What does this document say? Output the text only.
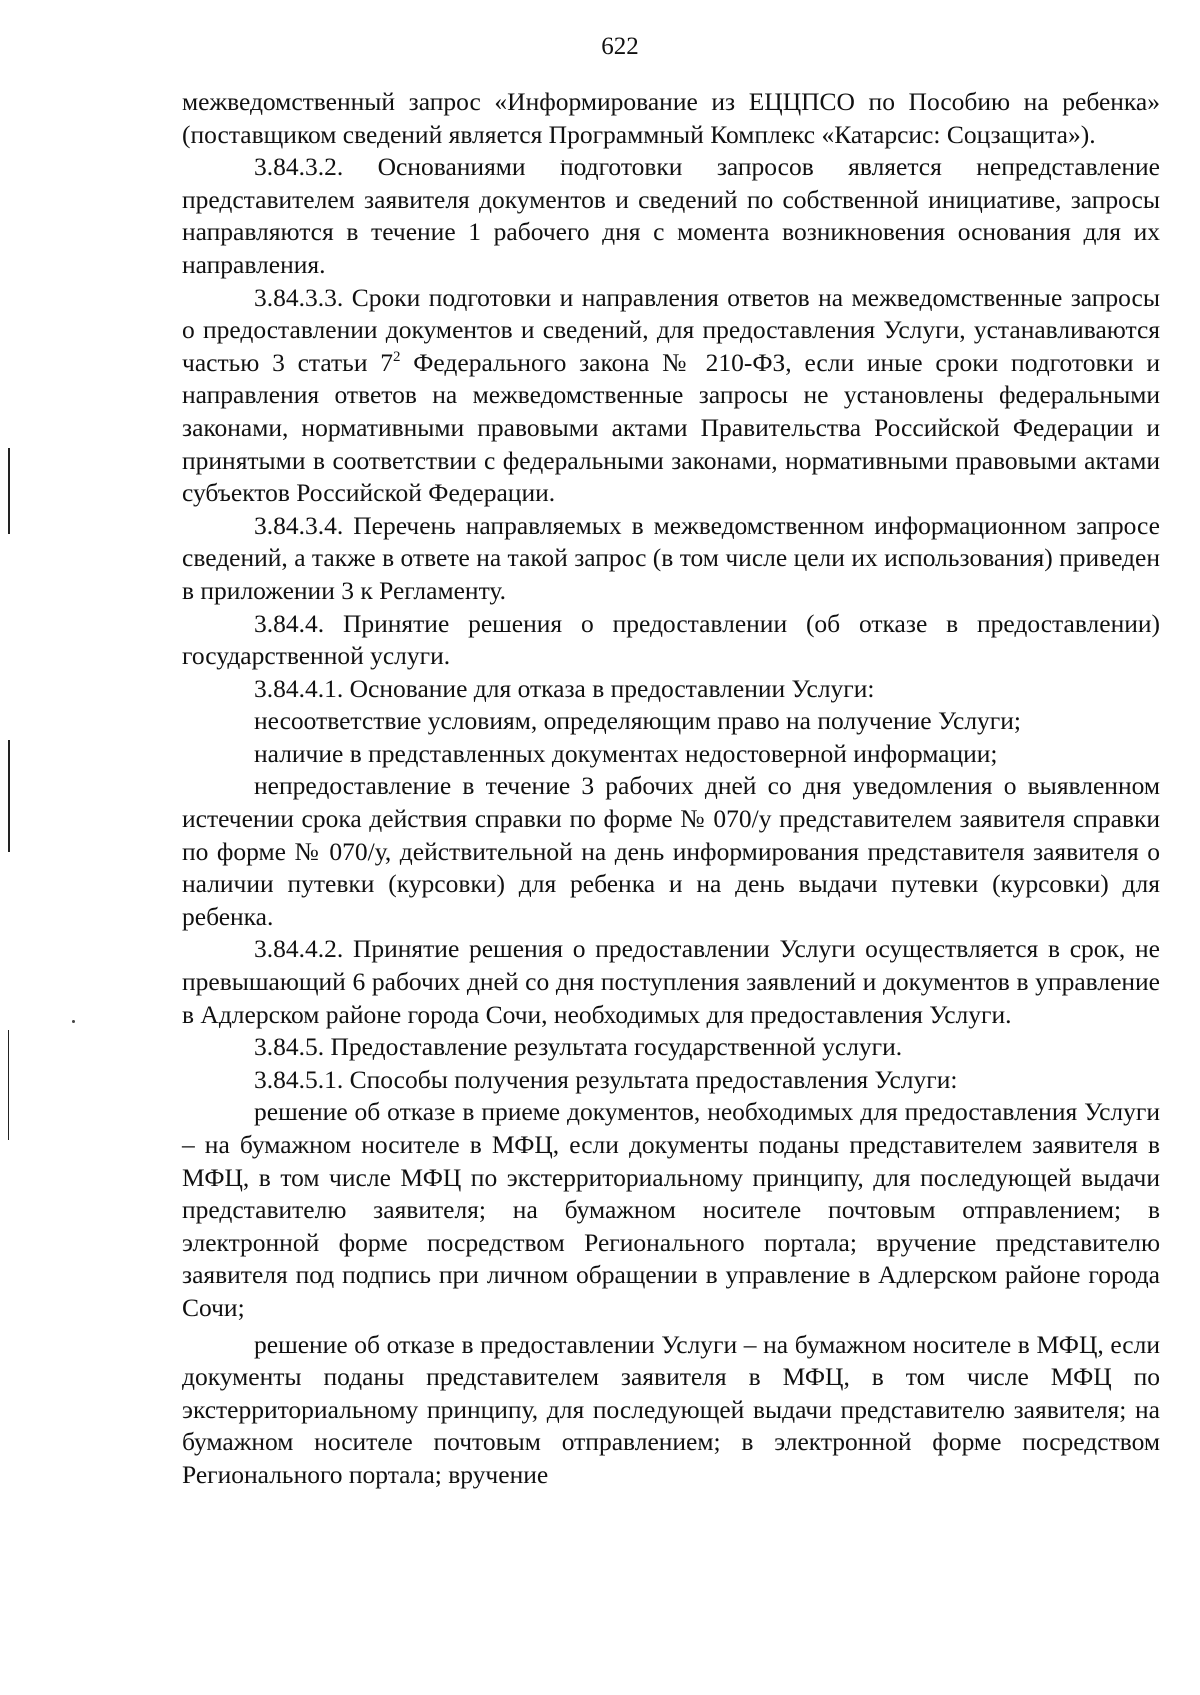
622

межведомственный запрос «Информирование из ЕЦЦПСО по Пособию на ребенка» (поставщиком сведений является Программный Комплекс «Катарсис: Соцзащита»).

3.84.3.2. Основаниями подготовки запросов является непредставление представителем заявителя документов и сведений по собственной инициативе, запросы направляются в течение 1 рабочего дня с момента возникновения основания для их направления.

3.84.3.3. Сроки подготовки и направления ответов на межведомственные запросы о предоставлении документов и сведений, для предоставления Услуги, устанавливаются частью 3 статьи $7^2$ Федерального закона № 210-ФЗ, если иные сроки подготовки и направления ответов на межведомственные запросы не установлены федеральными законами, нормативными правовыми актами Правительства Российской Федерации и принятыми в соответствии с федеральными законами, нормативными правовыми актами субъектов Российской Федерации.

3.84.3.4. Перечень направляемых в межведомственном информационном запросе сведений, а также в ответе на такой запрос (в том числе цели их использования) приведен в приложении 3 к Регламенту.

3.84.4. Принятие решения о предоставлении (об отказе в предоставлении) государственной услуги.

3.84.4.1. Основание для отказа в предоставлении Услуги:

несоответствие условиям, определяющим право на получение Услуги;

наличие в представленных документах недостоверной информации;

непредоставление в течение 3 рабочих дней со дня уведомления о выявленном истечении срока действия справки по форме № 070/у представителем заявителя справки по форме № 070/у, действительной на день информирования представителя заявителя о наличии путевки (курсовки) для ребенка и на день выдачи путевки (курсовки) для ребенка.

3.84.4.2. Принятие решения о предоставлении Услуги осуществляется в срок, не превышающий 6 рабочих дней со дня поступления заявлений и документов в управление в Адлерском районе города Сочи, необходимых для предоставления Услуги.

3.84.5. Предоставление результата государственной услуги.

3.84.5.1. Способы получения результата предоставления Услуги:

решение об отказе в приеме документов, необходимых для предоставления Услуги – на бумажном носителе в МФЦ, если документы поданы представителем заявителя в МФЦ, в том числе МФЦ по экстерриториальному принципу, для последующей выдачи представителю заявителя; на бумажном носителе почтовым отправлением; в электронной форме посредством Регионального портала; вручение представителю заявителя под подпись при личном обращении в управление в Адлерском районе города Сочи;

решение об отказе в предоставлении Услуги – на бумажном носителе в МФЦ, если документы поданы представителем заявителя в МФЦ, в том числе МФЦ по экстерриториальному принципу, для последующей выдачи представителю заявителя; на бумажном носителе почтовым отправлением; в электронной форме посредством Регионального портала; вручение
